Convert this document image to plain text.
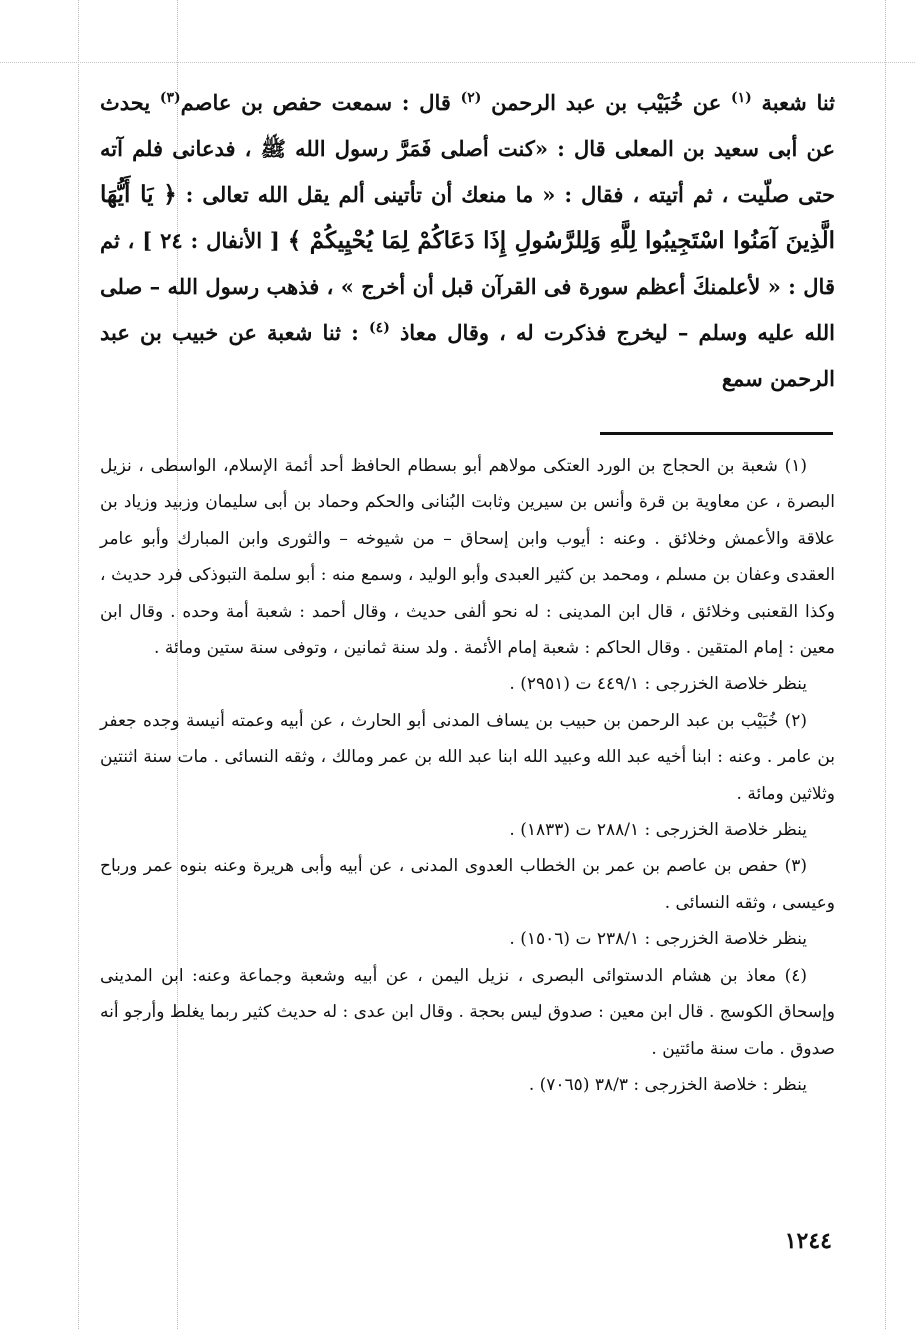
ثنا شعبة $^{(١)}$ عن خُبَيْب بن عبد الرحمن $^{(٢)}$ قال : سمعت حفص بن عاصم$^{(٣)}$ يحدث عن أبى سعيد بن المعلى قال : «كنت أصلى فَمَرَّ رسول الله ﷺ ، فدعانى فلم آته حتى صلّيت ، ثم أتيته ، فقال : « ما منعك أن تأتينى ألم يقل الله تعالى : ﴿ يَا أَيُّهَا الَّذِينَ آمَنُوا اسْتَجِيبُوا لِلَّهِ وَلِلرَّسُولِ إِذَا دَعَاكُمْ لِمَا يُحْيِيكُمْ ﴾ [ الأنفال : ٢٤ ] ، ثم قال : « لأعلمنكَ أعظم سورة فى القرآن قبل أن أخرج » ، فذهب رسول الله – صلى الله عليه وسلم – ليخرج فذكرت له ، وقال معاذ $^{(٤)}$ : ثنا شعبة عن خبيب بن عبد الرحمن سمع

(١) شعبة بن الحجاج بن الورد العتكى مولاهم أبو بسطام الحافظ أحد أئمة الإسلام، الواسطى ، نزيل البصرة ، عن معاوية بن قرة وأنس بن سيرين وثابت البُنانى والحكم وحماد بن أبى سليمان وزبيد وزياد بن علاقة والأعمش وخلائق . وعنه : أيوب وابن إسحاق – من شيوخه – والثورى وابن المبارك وأبو عامر العقدى وعفان بن مسلم ، ومحمد بن كثير العبدى وأبو الوليد ، وسمع منه : أبو سلمة التبوذكى فرد حديث ، وكذا القعنبى وخلائق ، قال ابن المدينى : له نحو ألفى حديث ، وقال أحمد : شعبة أمة وحده . وقال ابن معين : إمام المتقين . وقال الحاكم : شعبة إمام الأئمة . ولد سنة ثمانين ، وتوفى سنة ستين ومائة .

ينظر خلاصة الخزرجى : ٤٤٩/١ ت (٢٩٥١) .

(٢) خُبَيْب بن عبد الرحمن بن حبيب بن يساف المدنى أبو الحارث ، عن أبيه وعمته أنيسة وجده جعفر بن عامر . وعنه : ابنا أخيه عبد الله وعبيد الله ابنا عبد الله بن عمر ومالك ، وثقه النسائى . مات سنة اثنتين وثلاثين ومائة .

ينظر خلاصة الخزرجى : ٢٨٨/١ ت (١٨٣٣) .

(٣) حفص بن عاصم بن عمر بن الخطاب العدوى المدنى ، عن أبيه وأبى هريرة وعنه بنوه عمر ورباح وعيسى ، وثقه النسائى .

ينظر خلاصة الخزرجى : ٢٣٨/١ ت (١٥٠٦) .

(٤) معاذ بن هشام الدستوائى البصرى ، نزيل اليمن ، عن أبيه وشعبة وجماعة وعنه: ابن المدينى وإسحاق الكوسج . قال ابن معين : صدوق ليس بحجة . وقال ابن عدى : له حديث كثير ربما يغلط وأرجو أنه صدوق . مات سنة مائتين .

ينظر : خلاصة الخزرجى : ٣٨/٣ (٧٠٦٥) .

١٢٤٤
